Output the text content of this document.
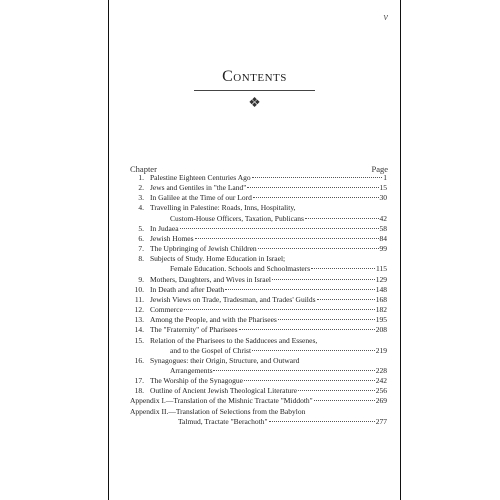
v
Contents
❖
Chapter	Page
1. Palestine Eighteen Centuries Ago	1
2. Jews and Gentiles in "the Land"	15
3. In Galilee at the Time of our Lord	30
4. Travelling in Palestine: Roads, Inns, Hospitality,
Custom-House Officers, Taxation, Publicans	42
5. In Judaea	58
6. Jewish Homes	84
7. The Upbringing of Jewish Children	99
8. Subjects of Study. Home Education in Israel;
Female Education. Schools and Schoolmasters	115
9. Mothers, Daughters, and Wives in Israel	129
10. In Death and after Death	148
11. Jewish Views on Trade, Tradesman, and Trades' Guilds	168
12. Commerce	182
13. Among the People, and with the Pharisees	195
14. The "Fraternity" of Pharisees	208
15. Relation of the Pharisees to the Sadducees and Essenes,
and to the Gospel of Christ	219
16. Synagogues: their Origin, Structure, and Outward
Arrangements	228
17. The Worship of the Synagogue	242
18. Outline of Ancient Jewish Theological Literature	256
Appendix I.—Translation of the Mishnic Tractate "Middoth"	269
Appendix II.—Translation of Selections from the Babylon
Talmud, Tractate "Berachoth"	277
